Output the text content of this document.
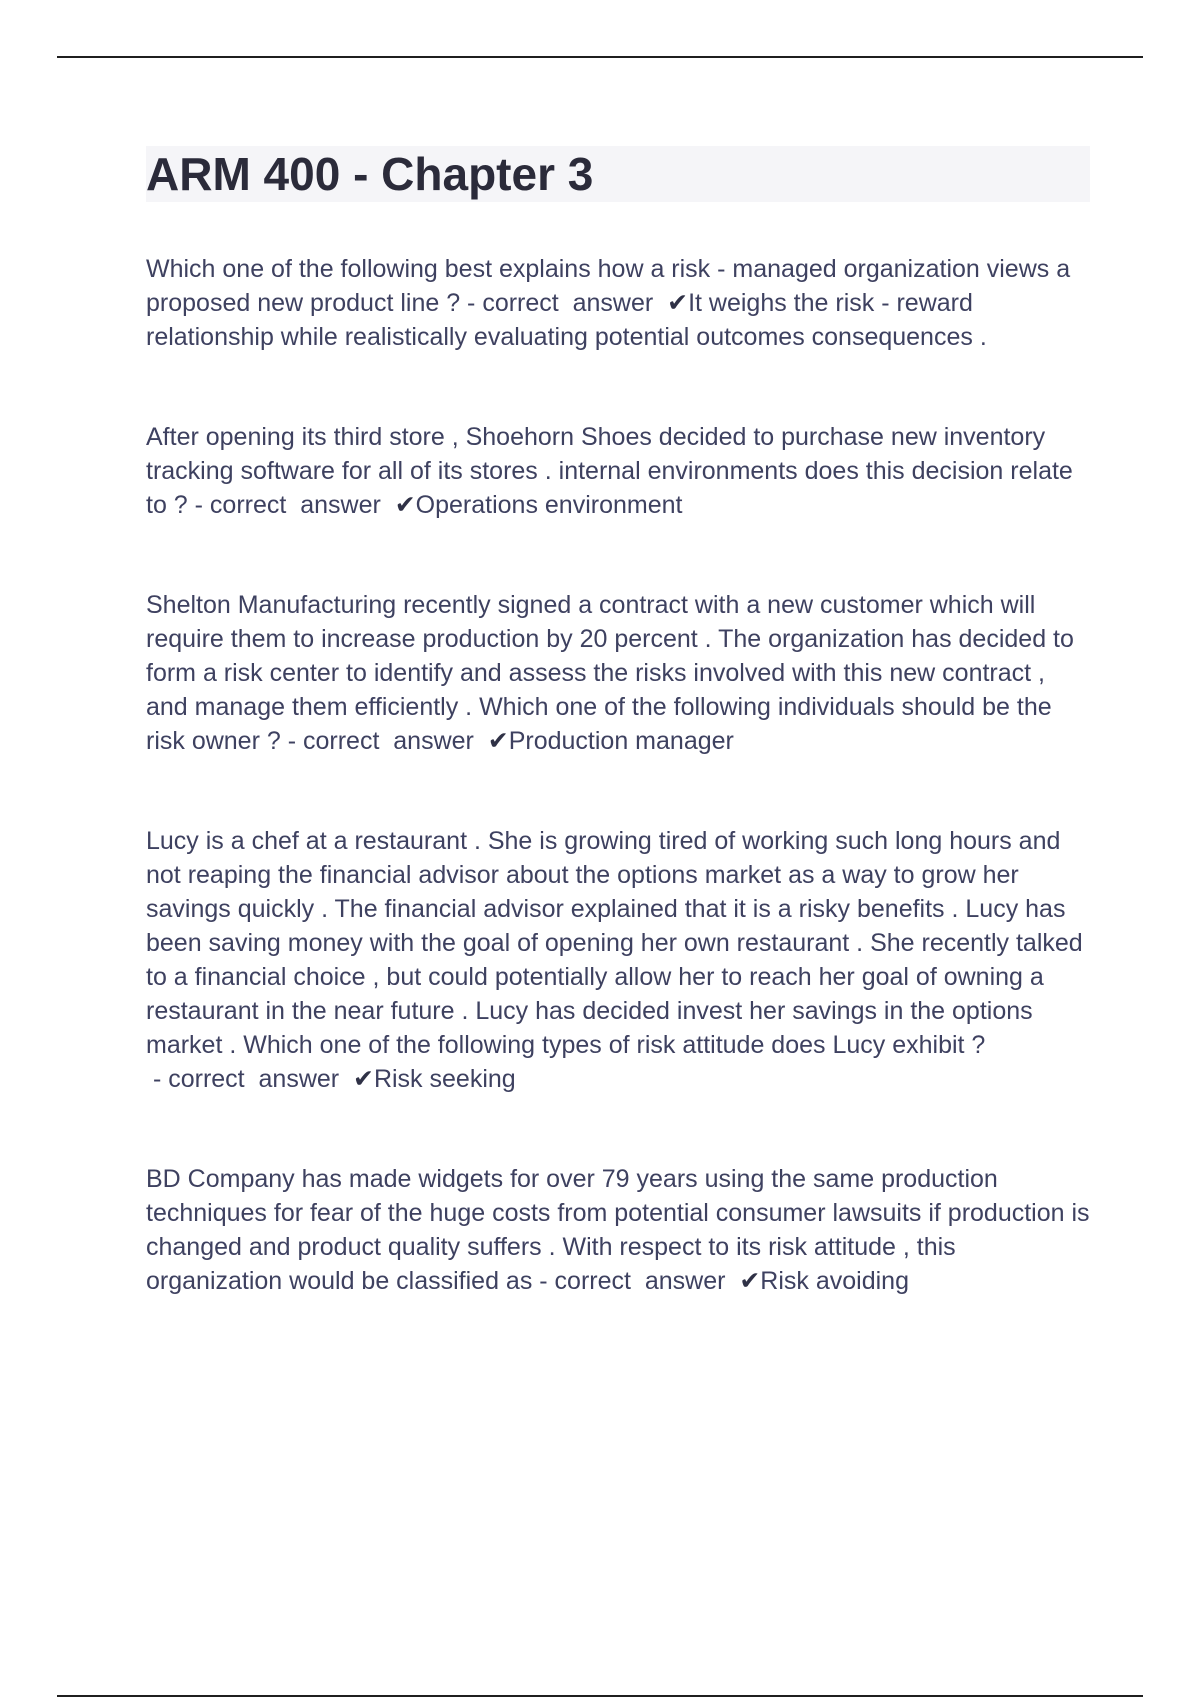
ARM 400 - Chapter 3

Which one of the following best explains how a risk - managed organization views a proposed new product line ? - correct  answer  ✔It weighs the risk - reward relationship while realistically evaluating potential outcomes consequences .

After opening its third store , Shoehorn Shoes decided to purchase new inventory tracking software for all of its stores . internal environments does this decision relate to ? - correct  answer  ✔Operations environment

Shelton Manufacturing recently signed a contract with a new customer which will require them to increase production by 20 percent . The organization has decided to form a risk center to identify and assess the risks involved with this new contract , and manage them efficiently . Which one of the following individuals should be the risk owner ? - correct  answer  ✔Production manager

Lucy is a chef at a restaurant . She is growing tired of working such long hours and not reaping the financial advisor about the options market as a way to grow her savings quickly . The financial advisor explained that it is a risky benefits . Lucy has been saving money with the goal of opening her own restaurant . She recently talked to a financial choice , but could potentially allow her to reach her goal of owning a restaurant in the near future . Lucy has decided invest her savings in the options market . Which one of the following types of risk attitude does Lucy exhibit ? - correct  answer  ✔Risk seeking

BD Company has made widgets for over 79 years using the same production techniques for fear of the huge costs from potential consumer lawsuits if production is changed and product quality suffers . With respect to its risk attitude , this organization would be classified as - correct  answer  ✔Risk avoiding
